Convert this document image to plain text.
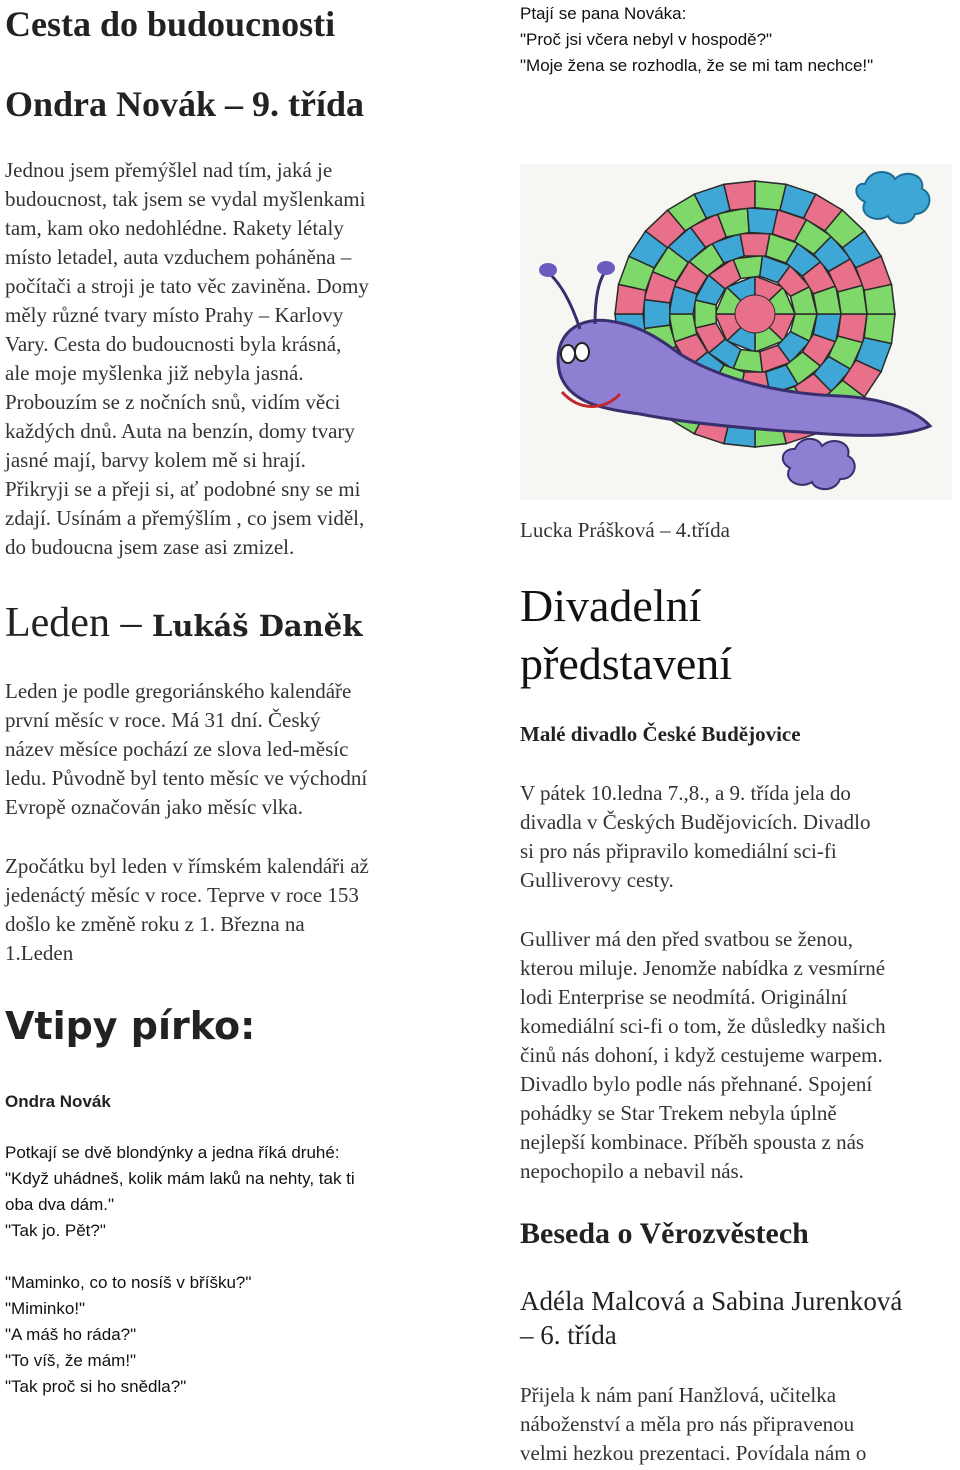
Cesta do budoucnosti
Ondra Novák – 9. třída
Jednou jsem přemýšlel nad tím, jaká je
budoucnost, tak jsem se vydal myšlenkami
tam, kam oko nedohlédne. Rakety létaly
místo letadel, auta vzduchem poháněna –
počítači a stroji je tato věc zaviněna. Domy
měly různé tvary místo Prahy – Karlovy
Vary. Cesta do budoucnosti byla krásná,
ale moje myšlenka již nebyla jasná.
Probouzím se z nočních snů, vidím věci
každých dnů. Auta na benzín, domy tvary
jasné mají, barvy kolem mě si hrají.
Přikryji se a přeji si, ať podobné sny se mi
zdají. Usínám a přemýšlím , co jsem viděl,
do budoucna jsem zase asi zmizel.
Leden – Lukáš Daněk
Leden je podle gregoriánského kalendáře
první měsíc v roce. Má 31 dní. Český
název měsíce pochází ze slova led-měsíc
ledu. Původně byl tento měsíc ve východní
Evropě označován jako měsíc vlka.
Zpočátku byl leden v římském kalendáři až
jedenáctý měsíc v roce. Teprve v roce 153
došlo ke změně roku z 1. Března na
1.Leden
Vtipy pírko:
Ondra Novák
Potkají se dvě blondýnky a jedna říká druhé:
"Když uhádneš, kolik mám laků na nehty, tak ti
oba dva dám."
"Tak jo. Pět?"
"Maminko, co to nosíš v bříšku?"
"Miminko!"
"A máš ho ráda?"
"To víš, že mám!"
"Tak proč si ho snědla?"
Ptají se pana Nováka:
"Proč jsi včera nebyl v hospodě?"
"Moje žena se rozhodla, že se mi tam nechce!"
Lucka Prášková – 4.třída
Divadelní
představení
Malé divadlo České Budějovice
V pátek 10.ledna 7.,8., a 9. třída jela do
divadla v Českých Budějovicích. Divadlo
si pro nás připravilo komediální sci-fi
Gulliverovy cesty.
Gulliver má den před svatbou se ženou,
kterou miluje. Jenomže nabídka z vesmírné
lodi Enterprise se neodmítá. Originální
komediální sci-fi o tom, že důsledky našich
činů nás dohoní, i když cestujeme warpem.
Divadlo bylo podle nás přehnané. Spojení
pohádky se Star Trekem nebyla úplně
nejlepší kombinace. Příběh spousta z nás
nepochopilo a nebavil nás.
Beseda o Věrozvěstech
Adéla Malcová a Sabina Jurenková
– 6. třída
Přijela k nám paní Hanžlová, učitelka
náboženství a měla pro nás připravenou
velmi hezkou prezentaci. Povídala nám o
